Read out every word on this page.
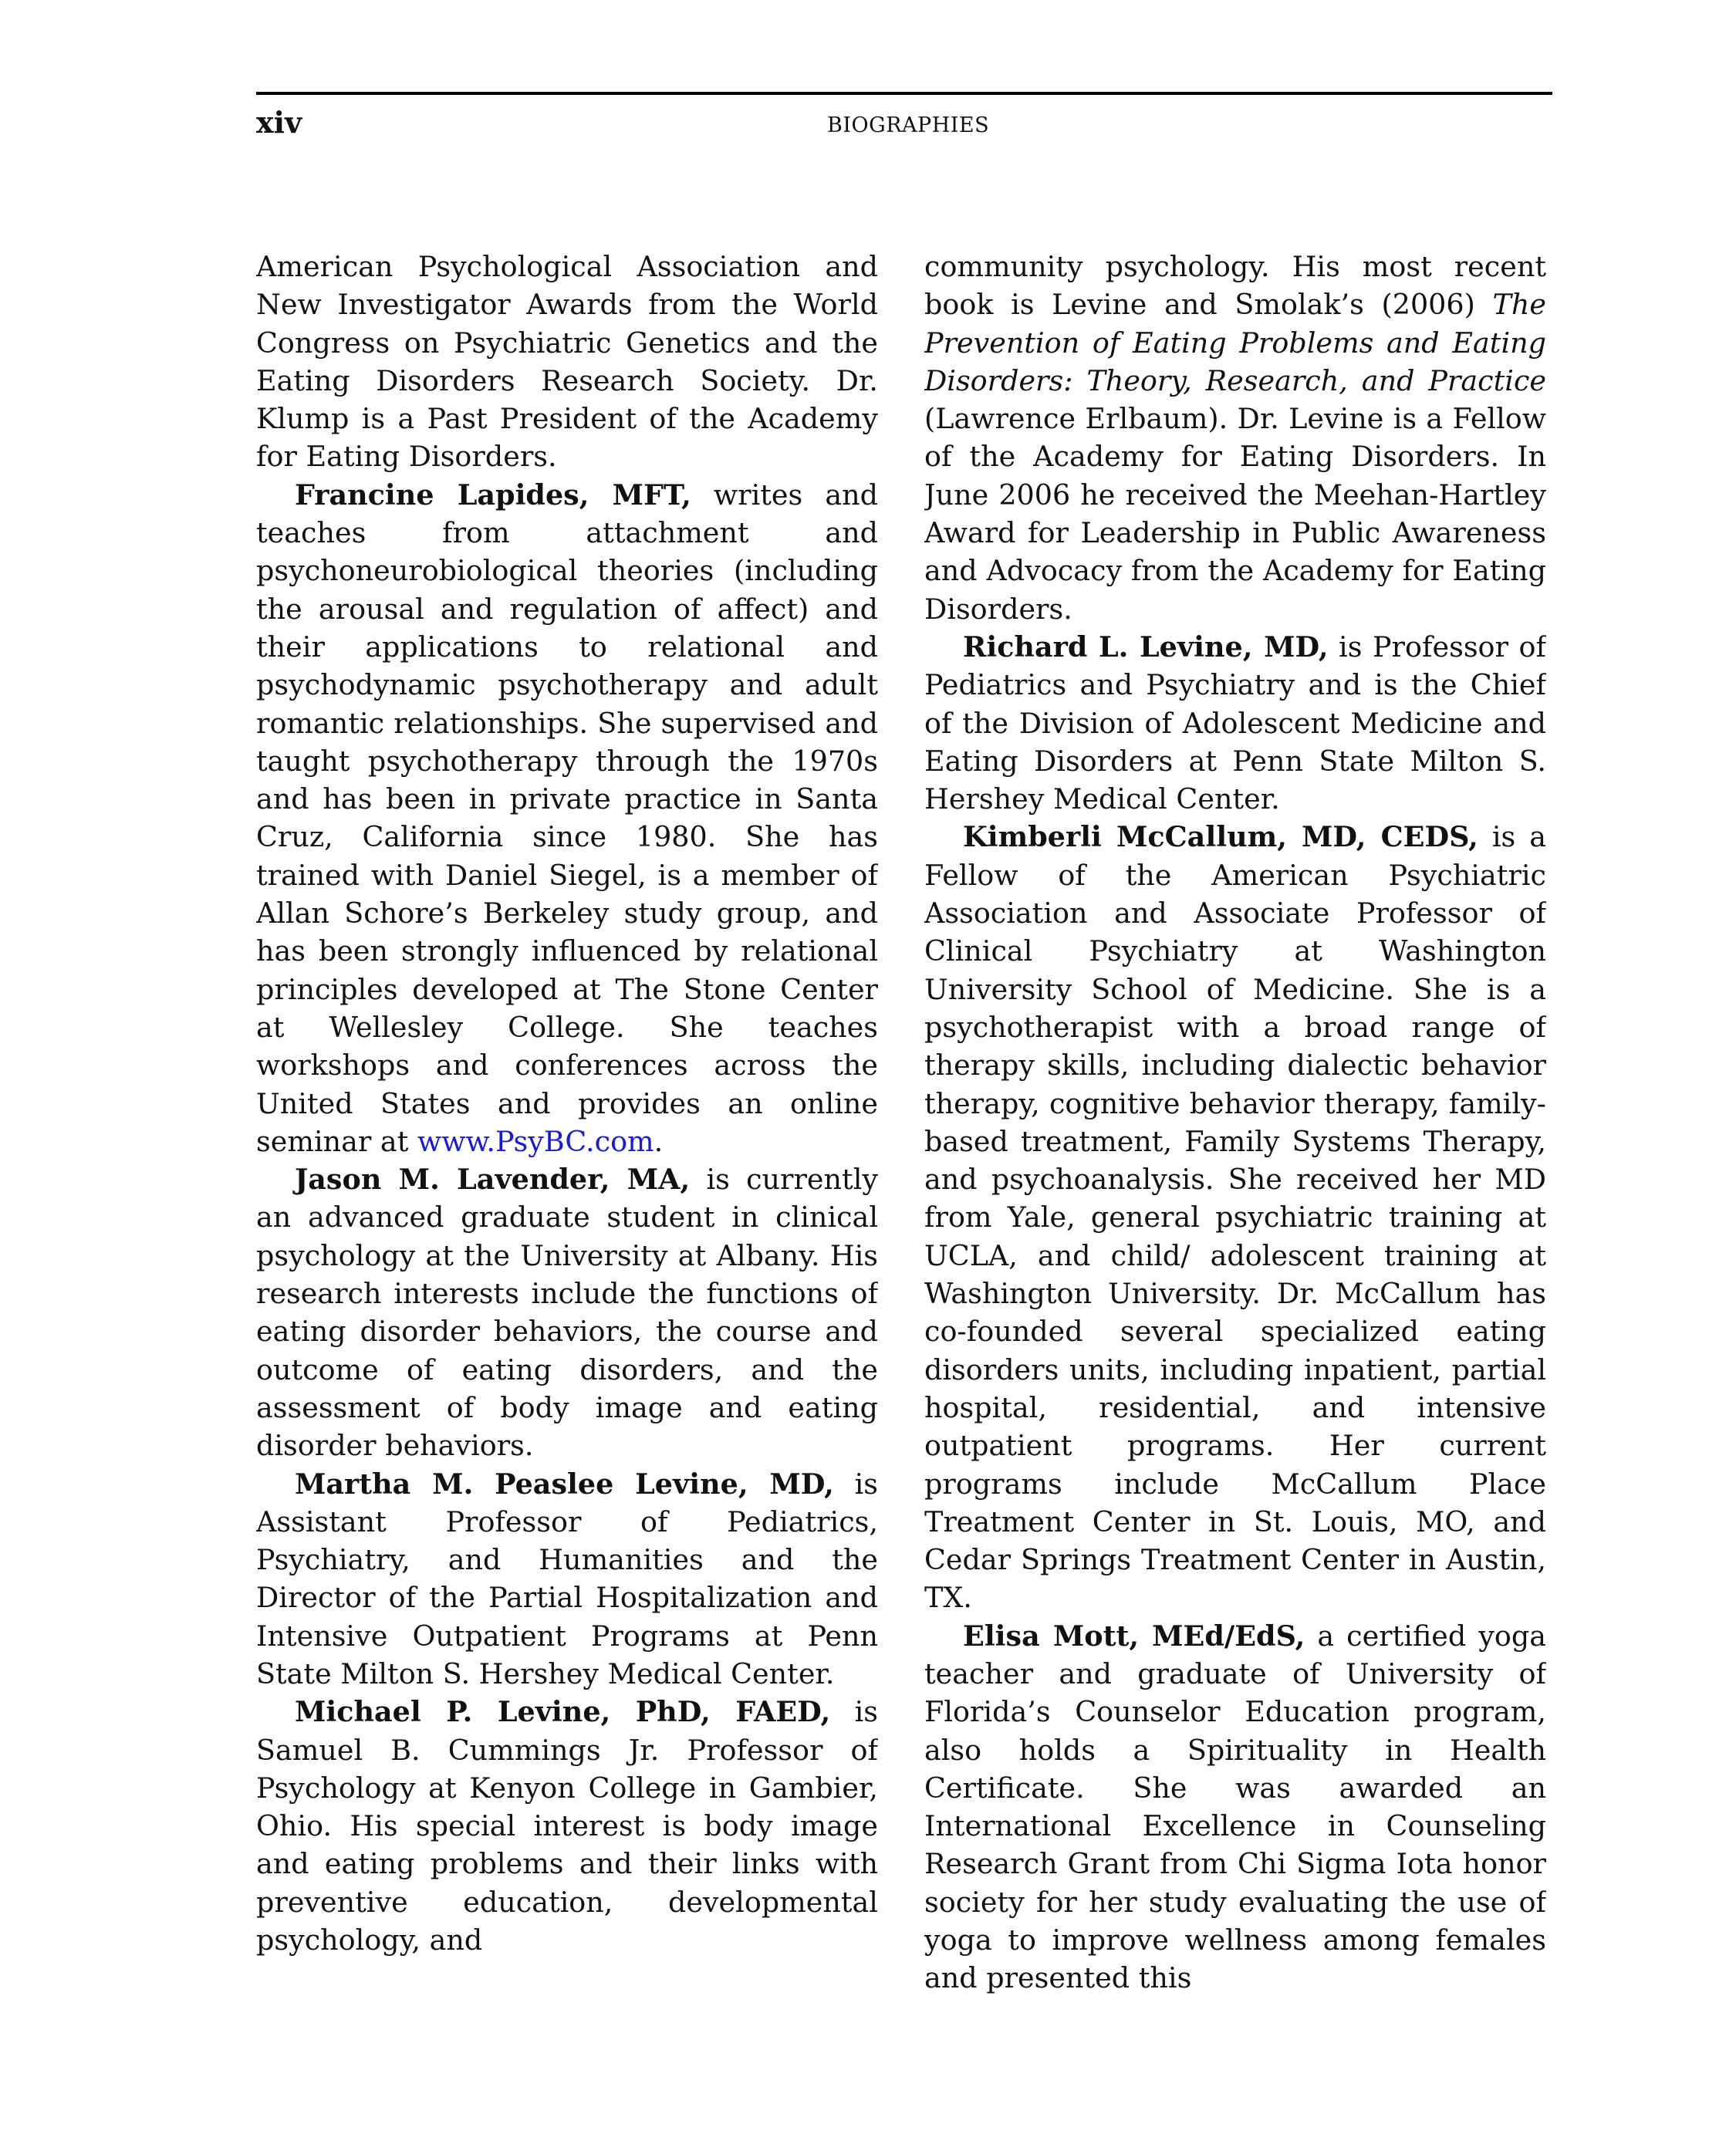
xiv	BIOGRAPHIES

American Psychological Association and New Investigator Awards from the World Congress on Psychiatric Genetics and the Eating Disorders Research Society. Dr. Klump is a Past President of the Academy for Eating Disorders.

Francine Lapides, MFT, writes and teaches from attachment and psychoneurobiological theories (including the arousal and regulation of affect) and their applications to relational and psychodynamic psychotherapy and adult romantic relationships. She supervised and taught psychotherapy through the 1970s and has been in private practice in Santa Cruz, California since 1980. She has trained with Daniel Siegel, is a member of Allan Schore’s Berkeley study group, and has been strongly influenced by relational principles developed at The Stone Center at Wellesley College. She teaches workshops and conferences across the United States and provides an online seminar at www.PsyBC.com.

Jason M. Lavender, MA, is currently an advanced graduate student in clinical psychology at the University at Albany. His research interests include the functions of eating disorder behaviors, the course and outcome of eating disorders, and the assessment of body image and eating disorder behaviors.

Martha M. Peaslee Levine, MD, is Assistant Professor of Pediatrics, Psychiatry, and Humanities and the Director of the Partial Hospitalization and Intensive Outpatient Programs at Penn State Milton S. Hershey Medical Center.

Michael P. Levine, PhD, FAED, is Samuel B. Cummings Jr. Professor of Psychology at Kenyon College in Gambier, Ohio. His special interest is body image and eating problems and their links with preventive education, developmental psychology, and

community psychology. His most recent book is Levine and Smolak’s (2006) The Prevention of Eating Problems and Eating Disorders: Theory, Research, and Practice (Lawrence Erlbaum). Dr. Levine is a Fellow of the Academy for Eating Disorders. In June 2006 he received the Meehan-Hartley Award for Leadership in Public Awareness and Advocacy from the Academy for Eating Disorders.

Richard L. Levine, MD, is Professor of Pediatrics and Psychiatry and is the Chief of the Division of Adolescent Medicine and Eating Disorders at Penn State Milton S. Hershey Medical Center.

Kimberli McCallum, MD, CEDS, is a Fellow of the American Psychiatric Association and Associate Professor of Clinical Psychiatry at Washington University School of Medicine. She is a psychotherapist with a broad range of therapy skills, including dialectic behavior therapy, cognitive behavior therapy, family-based treatment, Family Systems Therapy, and psychoanalysis. She received her MD from Yale, general psychiatric training at UCLA, and child/ adolescent training at Washington University. Dr. McCallum has co-founded several specialized eating disorders units, including inpatient, partial hospital, residential, and intensive outpatient programs. Her current programs include McCallum Place Treatment Center in St. Louis, MO, and Cedar Springs Treatment Center in Austin, TX.

Elisa Mott, MEd/EdS, a certified yoga teacher and graduate of University of Florida’s Counselor Education program, also holds a Spirituality in Health Certificate. She was awarded an International Excellence in Counseling Research Grant from Chi Sigma Iota honor society for her study evaluating the use of yoga to improve wellness among females and presented this
